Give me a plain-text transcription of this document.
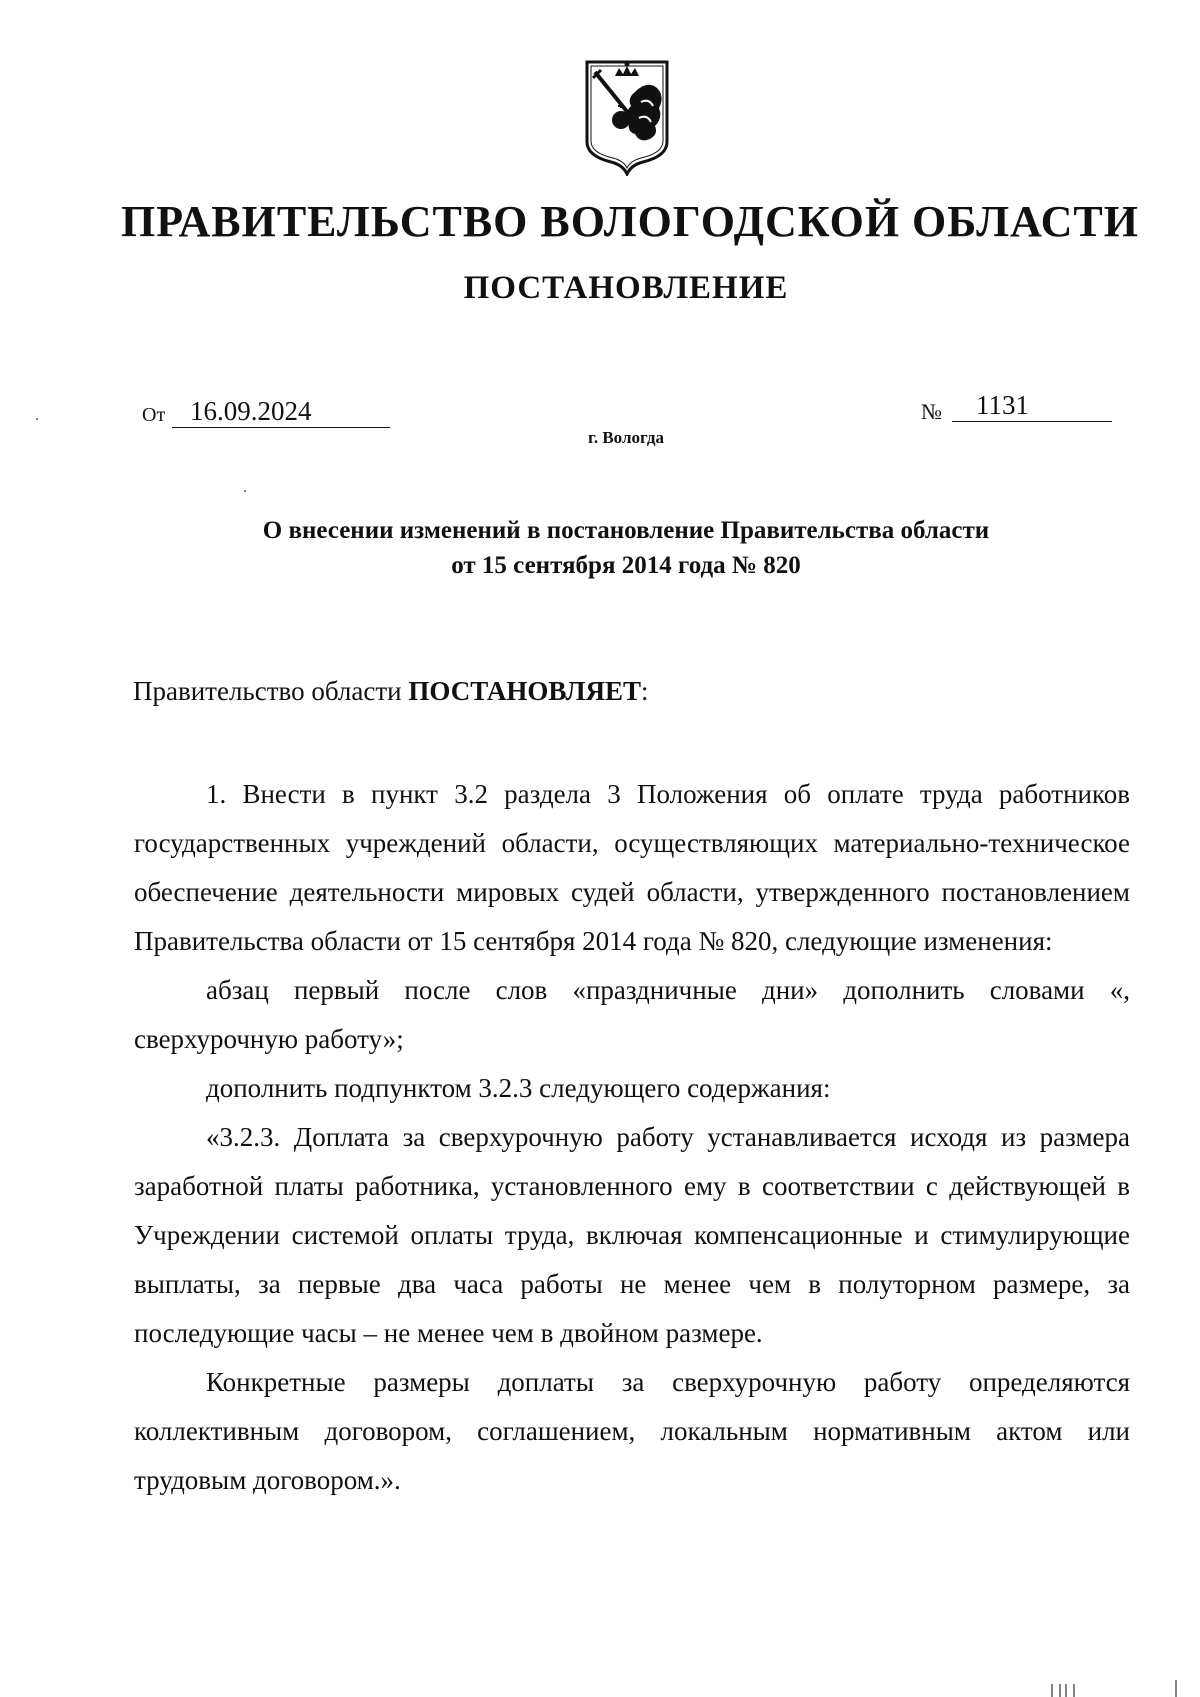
ПРАВИТЕЛЬСТВО ВОЛОГОДСКОЙ ОБЛАСТИ
ПОСТАНОВЛЕНИЕ
От 16.09.2024	№	1131
г. Вологда
О внесении изменений в постановление Правительства области
от 15 сентября 2014 года № 820
Правительство области ПОСТАНОВЛЯЕТ:

1. Внести в пункт 3.2 раздела 3 Положения об оплате труда работников государственных учреждений области, осуществляющих материально-техническое обеспечение деятельности мировых судей области, утвержденного постановлением Правительства области от 15 сентября 2014 года № 820, следующие изменения:

абзац первый после слов «праздничные дни» дополнить словами «, сверхурочную работу»;

дополнить подпунктом 3.2.3 следующего содержания:

«3.2.3. Доплата за сверхурочную работу устанавливается исходя из размера заработной платы работника, установленного ему в соответствии с действующей в Учреждении системой оплаты труда, включая компенсационные и стимулирующие выплаты, за первые два часа работы не менее чем в полуторном размере, за последующие часы – не менее чем в двойном размере.

Конкретные размеры доплаты за сверхурочную работу определяются коллективным договором, соглашением, локальным нормативным актом или трудовым договором.».
